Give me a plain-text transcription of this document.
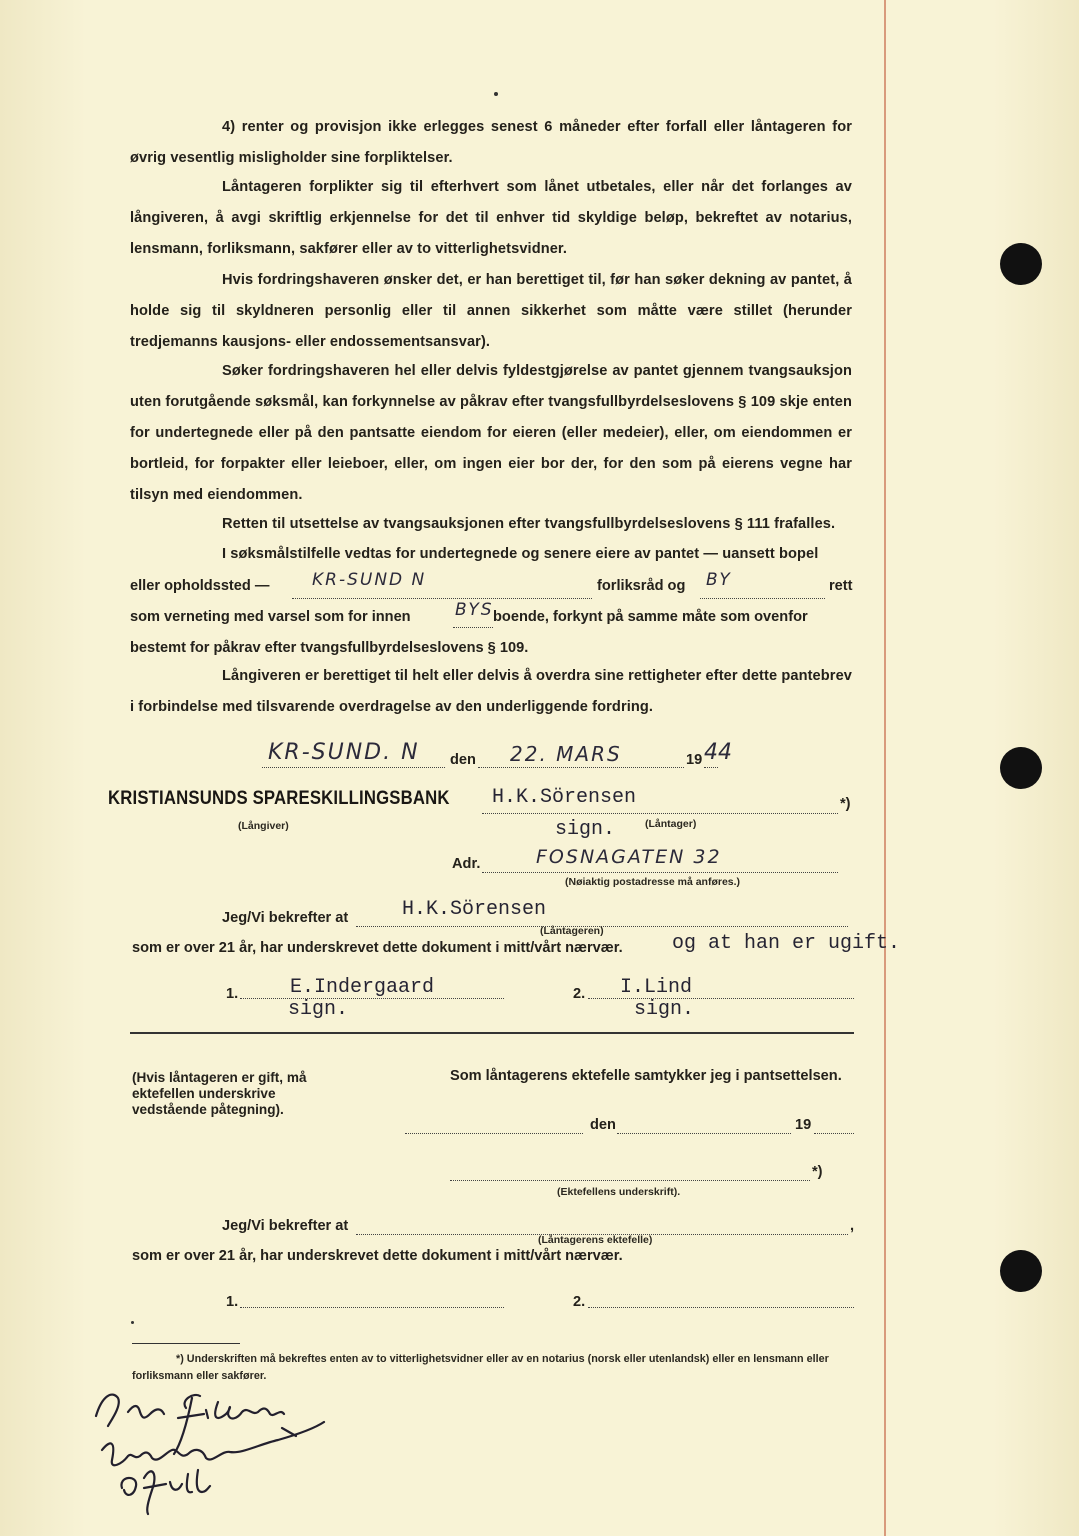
4) renter og provisjon ikke erlegges senest 6 måneder efter forfall eller låntageren for øvrig vesentlig misligholder sine forpliktelser.
Låntageren forplikter sig til efterhvert som lånet utbetales, eller når det forlanges av långiveren, å avgi skriftlig erkjennelse for det til enhver tid skyldige beløp, bekreftet av notarius, lensmann, forliksmann, sakfører eller av to vitterlighetsvidner.
Hvis fordringshaveren ønsker det, er han berettiget til, før han søker dekning av pantet, å holde sig til skyldneren personlig eller til annen sikkerhet som måtte være stillet (herunder tredjemanns kausjons- eller endossementsansvar).
Søker fordringshaveren hel eller delvis fyldestgjørelse av pantet gjennem tvangsauksjon uten forutgående søksmål, kan forkynnelse av påkrav efter tvangsfullbyrdelseslovens § 109 skje enten for undertegnede eller på den pantsatte eiendom for eieren (eller medeier), eller, om eiendommen er bortleid, for forpakter eller leieboer, eller, om ingen eier bor der, for den som på eierens vegne har tilsyn med eiendommen.
Retten til utsettelse av tvangsauksjonen efter tvangsfullbyrdelseslovens § 111 frafalles.
I søksmålstilfelle vedtas for undertegnede og senere eiere av pantet — uansett bopel
eller opholdssted —	KR-SUND N	forliksråd og BY	rett
som verneting med varsel som for innen	BYS boende, forkynt på samme måte som ovenfor
bestemt for påkrav efter tvangsfullbyrdelseslovens § 109.
Långiveren er berettiget til helt eller delvis å overdra sine rettigheter efter dette pantebrev i forbindelse med tilsvarende overdragelse av den underliggende fordring.
KR-SUND. N den 22. MARS	19 44
KRISTIANSUNDS SPARESKILLINGSBANK
(Långiver)
H.K.Sörensen	*)
sign.	(Låntager)
Adr.	FOSNAGATEN 32
(Nøiaktig postadresse må anføres.)
Jeg/Vi bekrefter at	H.K.Sörensen
(Låntageren)
som er over 21 år, har underskrevet dette dokument i mitt/vårt nærvær. og at han er ugift.
1.	E.Indergaard
sign.
2. I.Lind
sign.
(Hvis låntageren er gift, må ektefellen underskrive vedstående påtegning).
Som låntagerens ektefelle samtykker jeg i pantsettelsen.
den	19
*)
(Ektefellens underskrift).
Jeg/Vi bekrefter at	,
(Låntagerens ektefelle)
som er over 21 år, har underskrevet dette dokument i mitt/vårt nærvær.
1.	2.
*) Underskriften må bekreftes enten av to vitterlighetsvidner eller av en notarius (norsk eller utenlandsk) eller en lensmann eller forliksmann eller sakfører.
